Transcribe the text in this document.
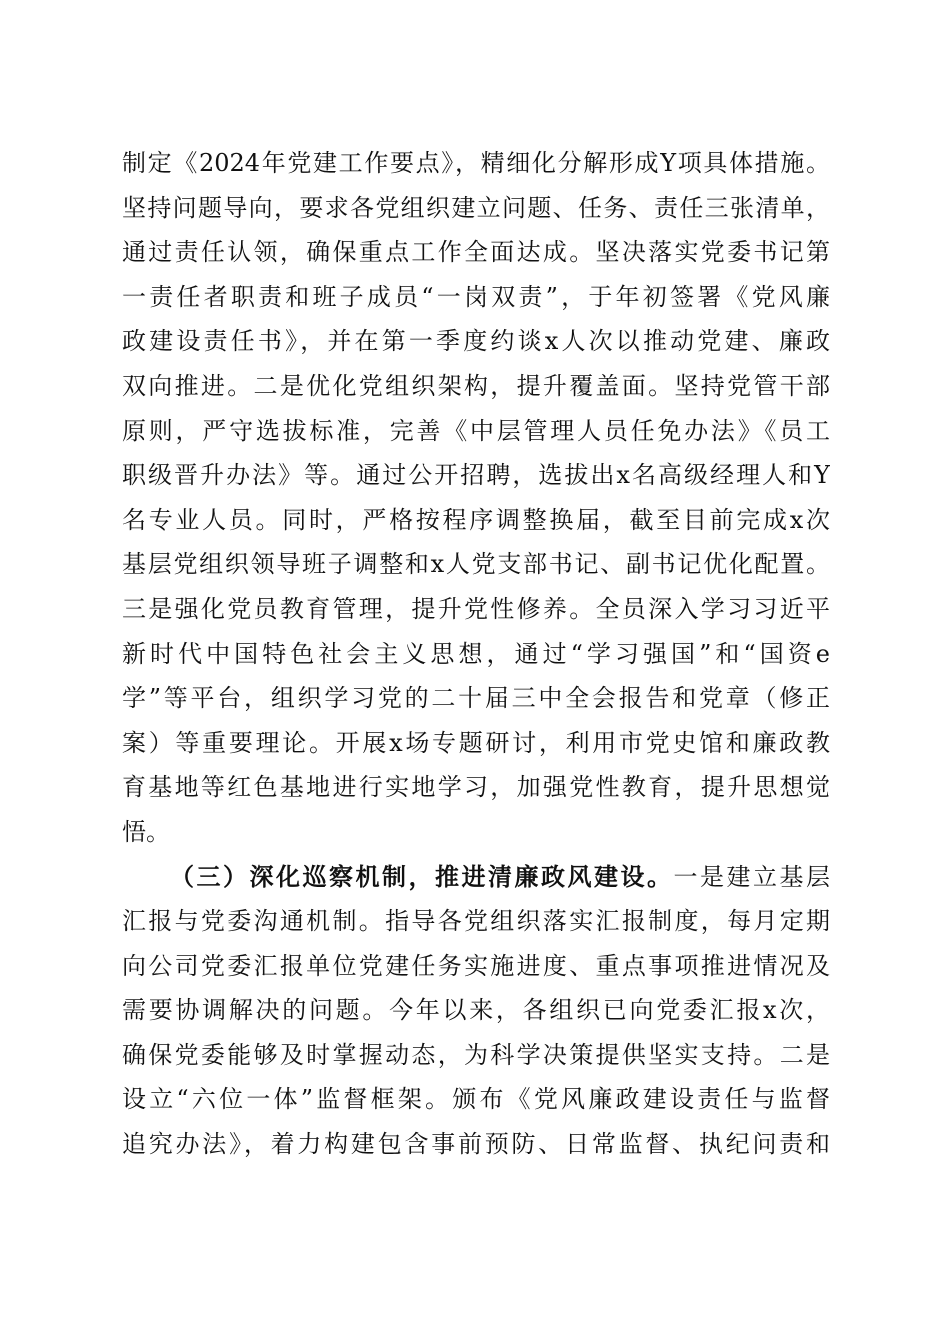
制定《2024年党建工作要点》，精细化分解形成Y项具体措施。
坚持问题导向，要求各党组织建立问题、任务、责任三张清单，
通过责任认领，确保重点工作全面达成。坚决落实党委书记第
一责任者职责和班子成员“一岗双责”，于年初签署《党风廉
政建设责任书》，并在第一季度约谈x人次以推动党建、廉政
双向推进。二是优化党组织架构，提升覆盖面。坚持党管干部
原则，严守选拔标准，完善《中层管理人员任免办法》《员工
职级晋升办法》等。通过公开招聘，选拔出x名高级经理人和Y
名专业人员。同时，严格按程序调整换届，截至目前完成x次
基层党组织领导班子调整和x人党支部书记、副书记优化配置。
三是强化党员教育管理，提升党性修养。全员深入学习习近平
新时代中国特色社会主义思想，通过“学习强国”和“国资e
学”等平台，组织学习党的二十届三中全会报告和党章（修正
案）等重要理论。开展x场专题研讨，利用市党史馆和廉政教
育基地等红色基地进行实地学习，加强党性教育，提升思想觉
悟。
（三）深化巡察机制，推进清廉政风建设。一是建立基层
汇报与党委沟通机制。指导各党组织落实汇报制度，每月定期
向公司党委汇报单位党建任务实施进度、重点事项推进情况及
需要协调解决的问题。今年以来，各组织已向党委汇报x次，
确保党委能够及时掌握动态，为科学决策提供坚实支持。二是
设立“六位一体”监督框架。颁布《党风廉政建设责任与监督
追究办法》，着力构建包含事前预防、日常监督、执纪问责和
